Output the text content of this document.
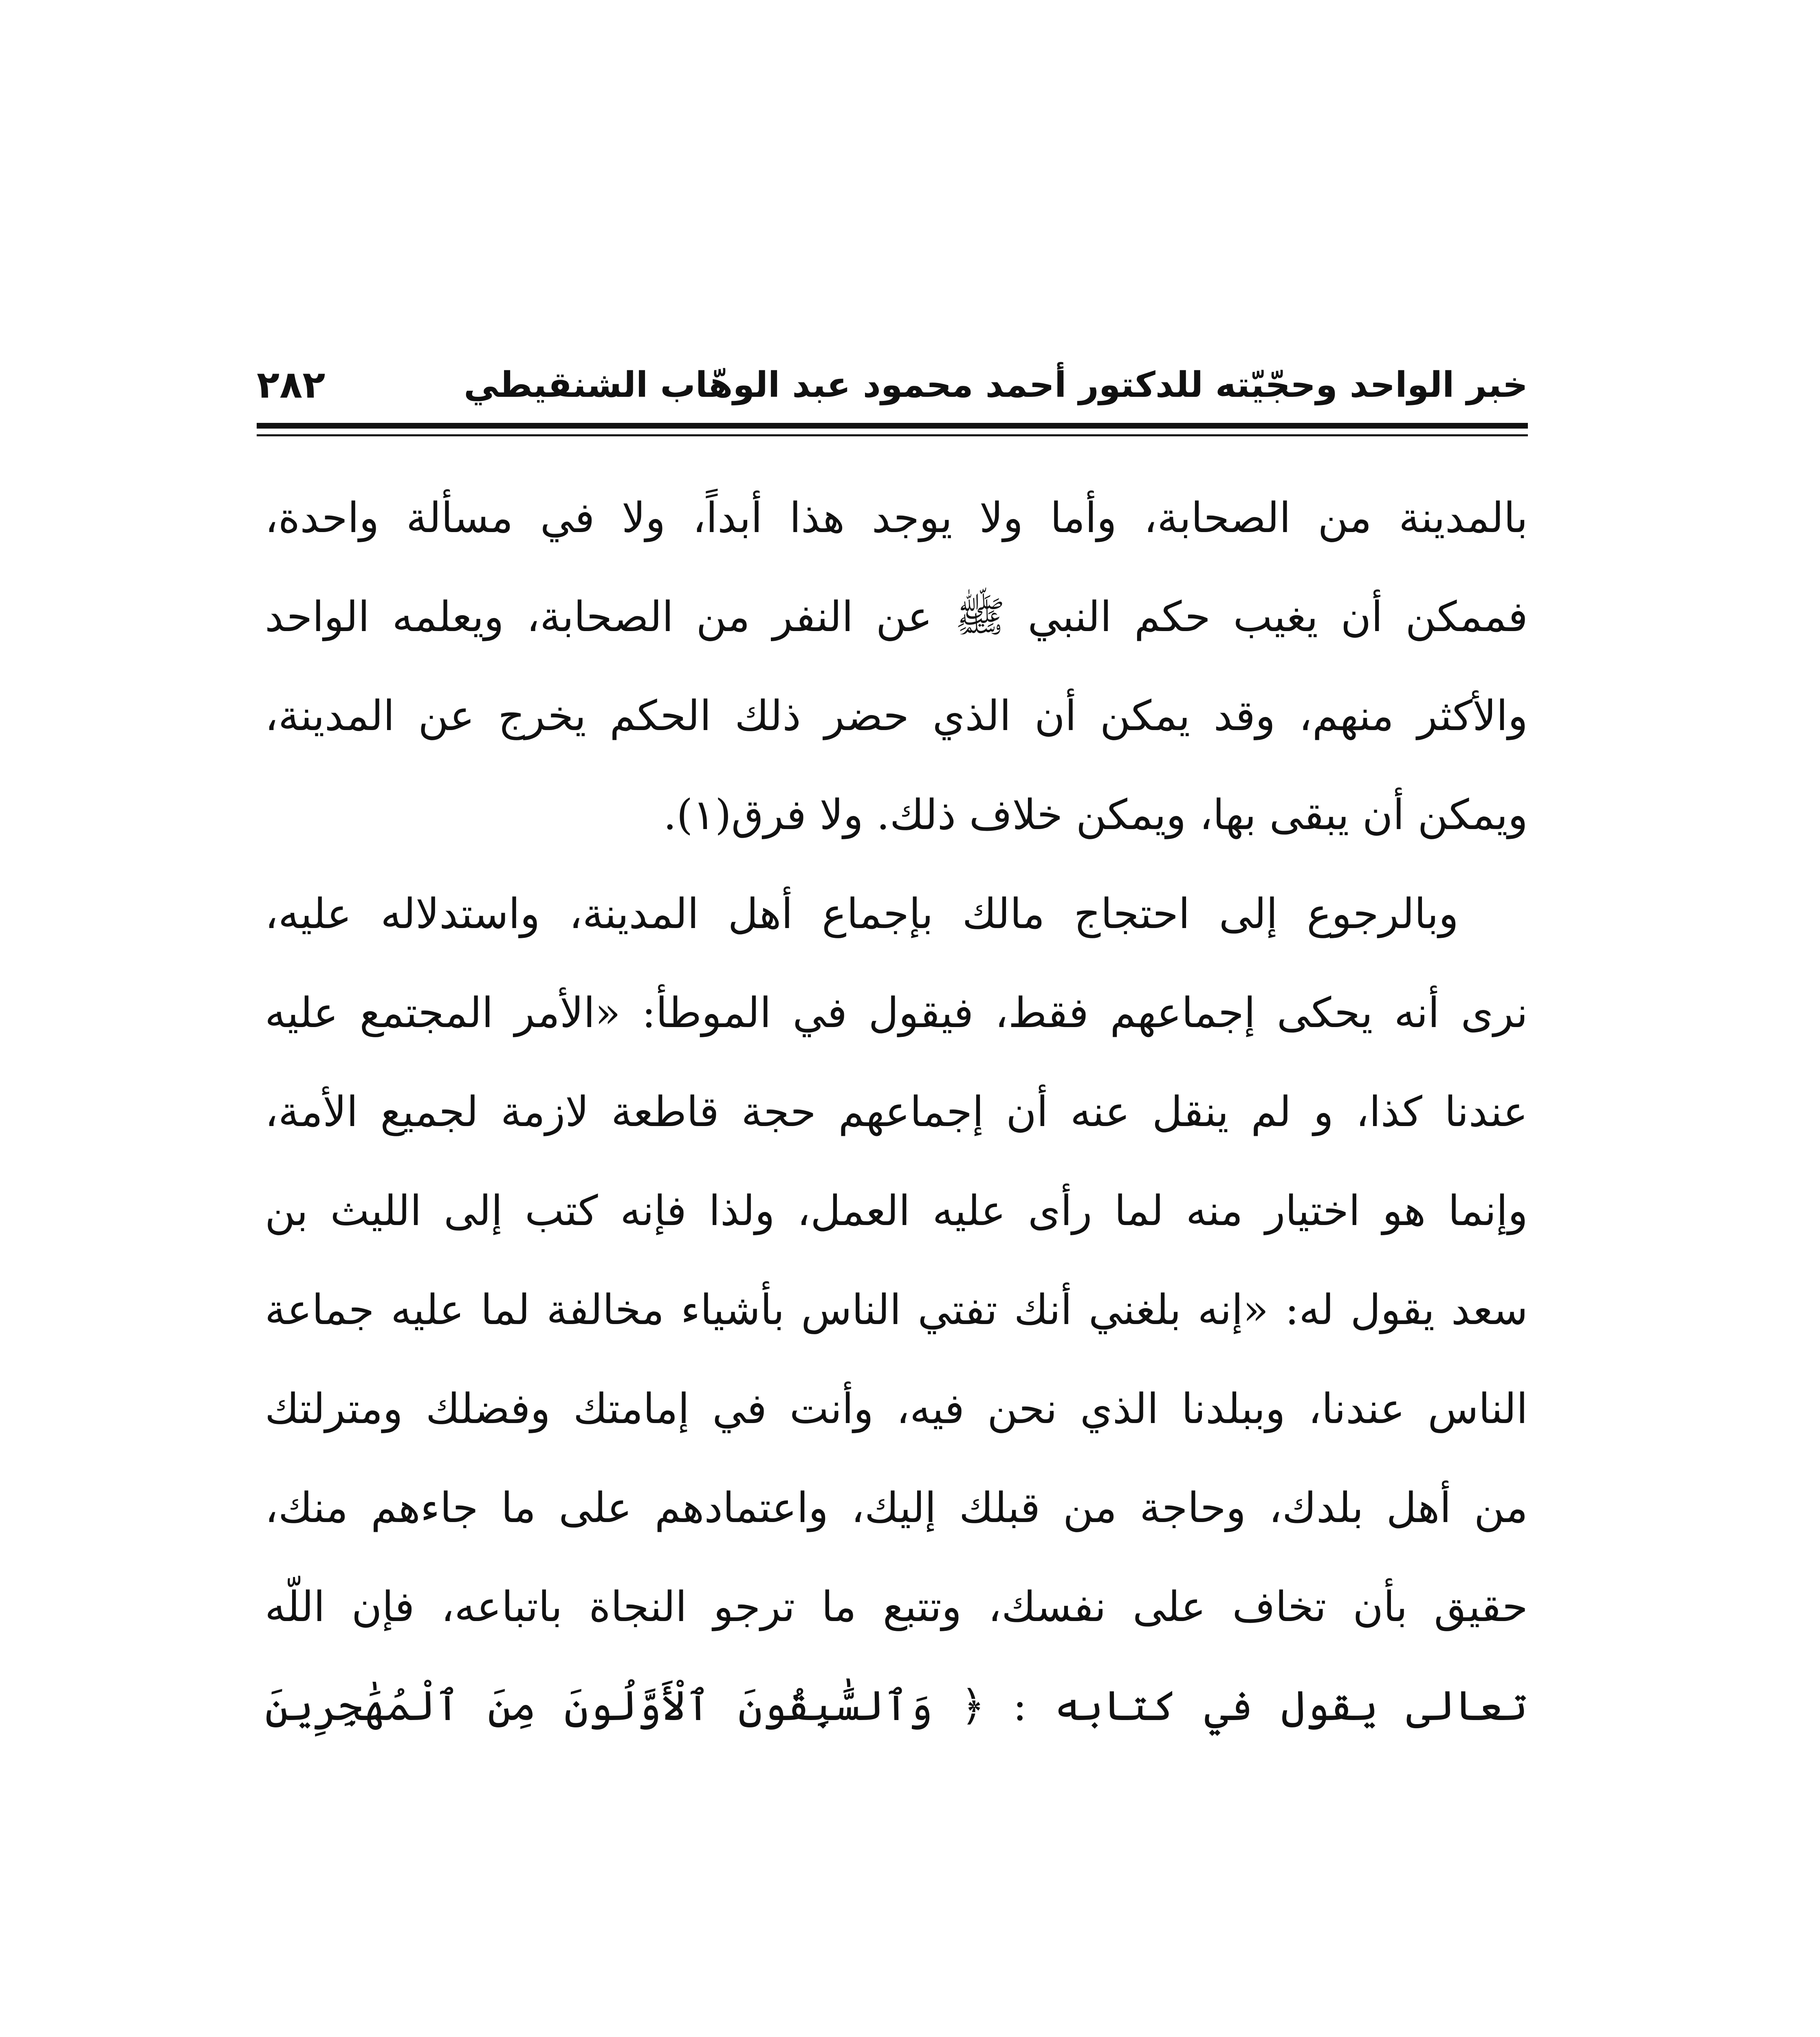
خبر الواحد وحجّيّته للدكتور أحمد محمود عبد الوهّاب الشنقيطي
٢٨٢
بالمدينة من الصحابة، وأما ولا يوجد هذا أبداً، ولا في مسألة واحدة،
فممكن أن يغيب حكم النبي ﷺ عن النفر من الصحابة، ويعلمه الواحد
والأكثر منهم، وقد يمكن أن الذي حضر ذلك الحكم يخرج عن المدينة،
ويمكن أن يبقى بها، ويمكن خلاف ذلك. ولا فرق(١).
وبالرجوع إلى احتجاج مالك بإجماع أهل المدينة، واستدلاله عليه،
نرى أنه يحكى إجماعهم فقط، فيقول في الموطأ: «الأمر المجتمع عليه
عندنا كذا، و لم ينقل عنه أن إجماعهم حجة قاطعة لازمة لجميع الأمة،
وإنما هو اختيار منه لما رأى عليه العمل، ولذا فإنه كتب إلى الليث بن
سعد يقول له: «إنه بلغني أنك تفتي الناس بأشياء مخالفة لما عليه جماعة
الناس عندنا، وببلدنا الذي نحن فيه، وأنت في إمامتك وفضلك ومترلتك
من أهل بلدك، وحاجة من قبلك إليك، واعتمادهم على ما جاءهم منك،
حقيق بأن تخاف على نفسك، وتتبع ما ترجو النجاة باتباعه، فإن اللّه
تعالى يقول في كتابه : ﴿ وَٱلسَّٰبِقُونَ ٱلْأَوَّلُونَ مِنَ ٱلْمُهَٰجِرِينَ
